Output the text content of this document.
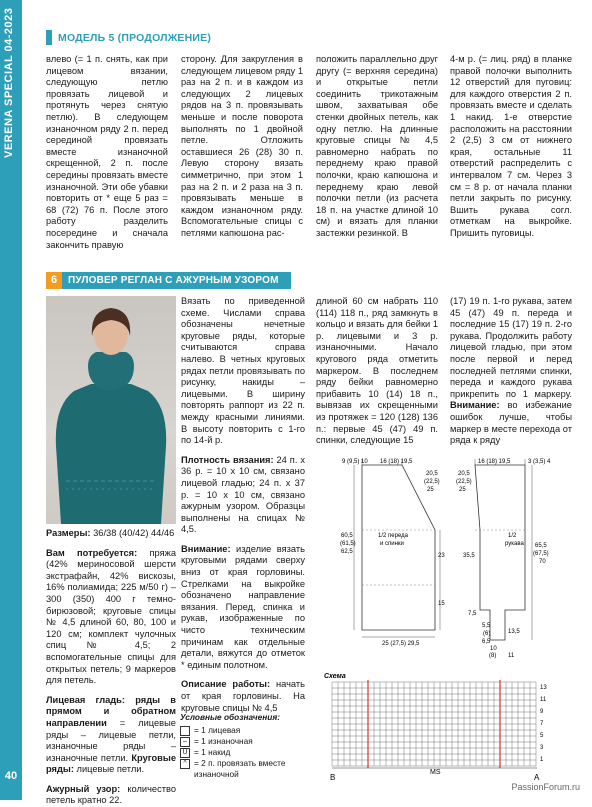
VERENA SPECIAL 04-2023
40
МОДЕЛЬ 5 (ПРОДОЛЖЕНИЕ)

влево (= 1 п. снять, как при лицевом вязании, следующую петлю провязать лицевой и протянуть через снятую петлю). В следующем изнаночном ряду 2 п. перед серединой провязать вместе изнаночной скрещенной, 2 п. после середины провязать вместе изнаночной. Эти обе убавки повторить от * еще 5 раз = 68 (72) 76 п. После этого работу разделить посередине и сначала закончить правую

сторону. Для закругления в следующем лицевом ряду 1 раз на 2 п. и в каждом из следующих 2 лицевых рядов на 3 п. провязывать меньше и после поворота выполнять по 1 двойной петле. Отложить оставшиеся 26 (28) 30 п. Левую сторону вязать симметрично, при этом 1 раз на 2 п. и 2 раза на 3 п. провязывать меньше в каждом изнаночном ряду. Вспомогательные спицы с петлями капюшона рас-

положить параллельно друг другу (= верхняя середина) и открытые петли соединить трикотажным швом, захватывая обе стенки двойных петель, как одну петлю. На длинные круговые спицы № 4,5 равномерно набрать по переднему краю правой полочки, краю капюшона и переднему краю левой полочки петли (из расчета 18 п. на участке длиной 10 см) и вязать для планки застежки резинкой. В

4-м р. (= лиц. ряд) в планке правой полочки выполнить 12 отверстий для пуговиц: для каждого отверстия 2 п. провязать вместе и сделать 1 накид. 1-е отверстие расположить на расстоянии 2 (2,5) 3 см от нижнего края, остальные 11 отверстий распределить с интервалом 7 см. Через 3 см = 8 р. от начала планки петли закрыть по рисунку. Вшить рукава согл. отметкам на выкройке. Пришить пуговицы.

6	ПУЛОВЕР РЕГЛАН С АЖУРНЫМ УЗОРОМ

Размеры: 36/38 (40/42) 44/46

Вам потребуется: пряжа (42% мериносовой шерсти экстрафайн, 42% вискозы, 16% полиамида; 225 м/50 г) – 300 (350) 400 г темно-бирюзовой; круговые спицы № 4,5 длиной 60, 80, 100 и 120 см; комплект чулочных спиц № 4,5; 2 вспомогательные спицы для открытых петель; 9 маркеров для петель.

Лицевая гладь: ряды в прямом и обратном направлении = лицевые ряды – лицевые петли, изнаночные ряды – изнаночные петли. Круговые ряды: лицевые петли.

Ажурный узор: количество петель кратно 22.

Вязать по приведенной схеме. Числами справа обозначены нечетные круговые ряды, которые считываются справа налево. В четных круговых рядах петли провязывать по рисунку, накиды – лицевыми. В ширину повторять раппорт из 22 п. между красными линиями. В высоту повторить с 1-го по 14-й р.

Плотность вязания: 24 п. х 36 р. = 10 х 10 см, связано лицевой гладью; 24 п. х 37 р. = 10 х 10 см, связано ажурным узором. Образцы выполнены на спицах № 4,5.

Внимание: изделие вязать круговыми рядами сверху вниз от края горловины. Стрелками на выкройке обозначено направление вязания. Перед, спинка и рукав, изображенные по чисто техническим причинам как отдельные детали, вяжутся до отметок * единым полотном.

Описание работы: начать от края горловины. На круговые спицы № 4,5

длиной 60 см набрать 110 (114) 118 п., ряд замкнуть в кольцо и вязать для бейки 1 р. лицевыми и 3 р. изнаночными. Начало кругового ряда отметить маркером. В последнем ряду бейки равномерно прибавить 10 (14) 18 п., вывязав их скрещенными из протяжек = 120 (128) 136 п.: первые 45 (47) 49 п. спинки, следующие 15

(17) 19 п. 1-го рукава, затем 45 (47) 49 п. переда и последние 15 (17) 19 п. 2-го рукава. Продолжить работу лицевой гладью, при этом после первой и перед последней петлями спинки, переда и каждого рукава прикрепить по 1 маркеру. Внимание: во избежание ошибок лучше, чтобы маркер в месте перехода от ряда к ряду

9 (9,5) 10 16 (18) 19,5
20,5
(22,5)
25
60,5
(61,5)
62,5
1/2 переда
и спинки
23
15
25 (27,5) 29,5
16 (18) 19,5	3 (3,5) 4
20,5
(22,5)
25
1/2
рукава
35,5
65,5
(67,5)
70
7,5
5,5
(6)
6,5
13,5
10
(8) 11
Условные обозначения:
= 1 лицевая
– = 1 изнаночная
U = 1 накид
^ = 2 п. провязать вместе изнаночной
Схема
13
11
9
7
5
3
1
B
MS
A
PassionForum.ru
